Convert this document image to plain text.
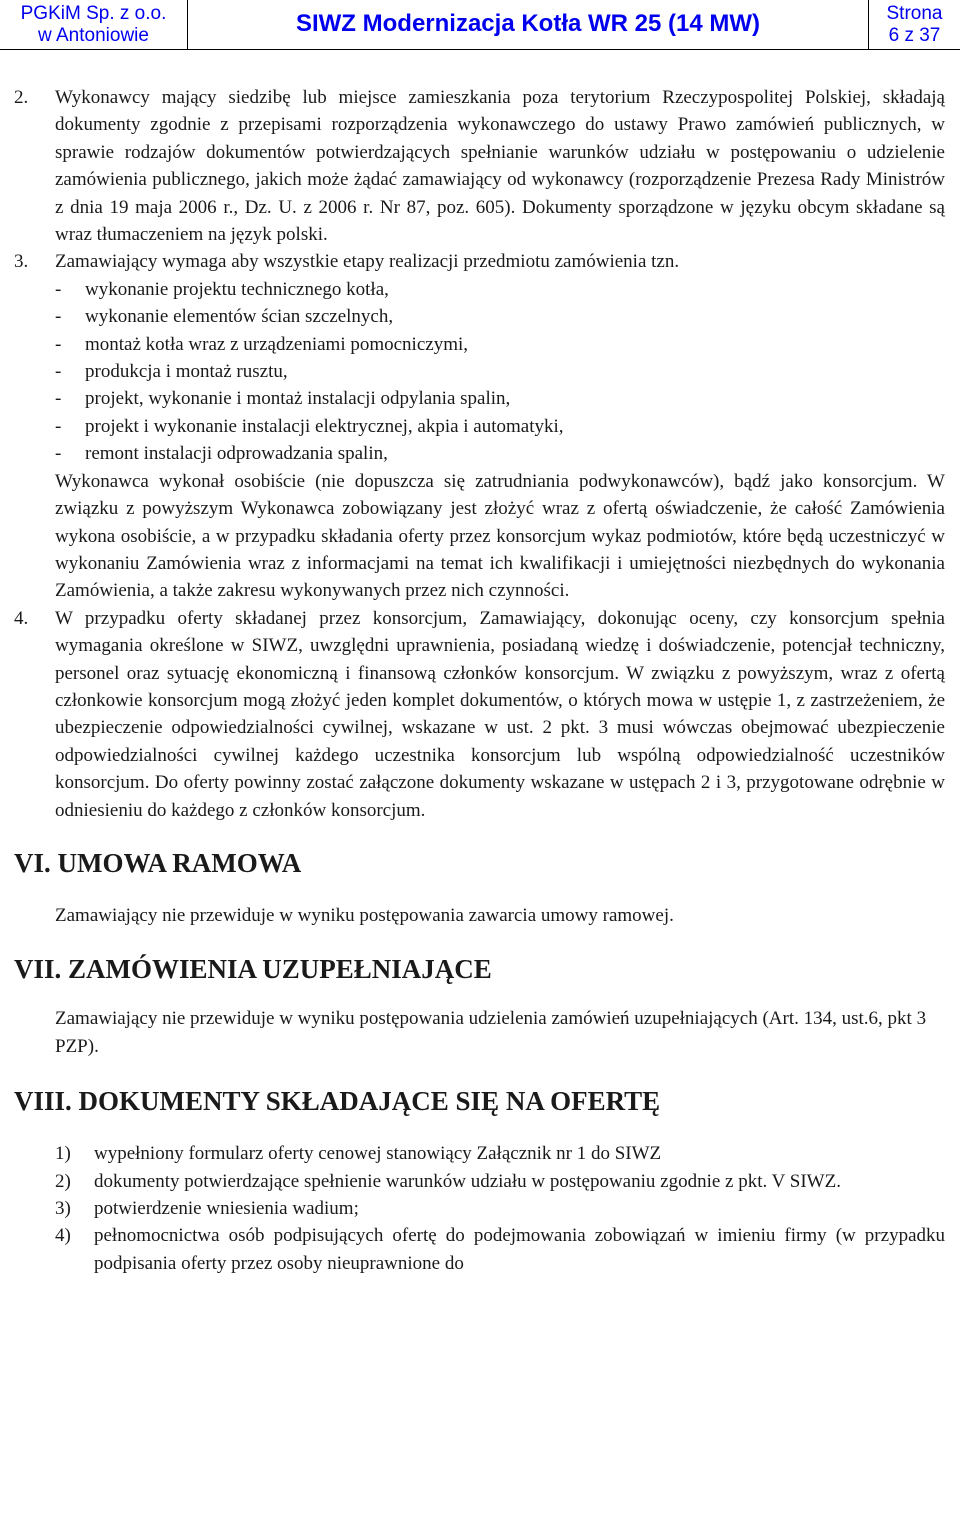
PGKiM Sp. z o.o.
w Antoniowie	SIWZ Modernizacja Kotła WR 25 (14 MW)	Strona
6 z 37
2. Wykonawcy mający siedzibę lub miejsce zamieszkania poza terytorium Rzeczypospolitej Polskiej, składają dokumenty zgodnie z przepisami rozporządzenia wykonawczego do ustawy Prawo zamówień publicznych, w sprawie rodzajów dokumentów potwierdzających spełnianie warunków udziału w postępowaniu o udzielenie zamówienia publicznego, jakich może żądać zamawiający od wykonawcy (rozporządzenie Prezesa Rady Ministrów z dnia 19 maja 2006 r., Dz. U. z 2006 r. Nr 87, poz. 605). Dokumenty sporządzone w języku obcym składane są wraz tłumaczeniem na język polski.

3. Zamawiający wymaga aby wszystkie etapy realizacji przedmiotu zamówienia tzn.

- wykonanie projektu technicznego kotła,
- wykonanie elementów ścian szczelnych,
- montaż kotła wraz z urządzeniami pomocniczymi,
- produkcja i montaż rusztu,
- projekt, wykonanie i montaż instalacji odpylania spalin,
- projekt i wykonanie instalacji elektrycznej, akpia i automatyki,
- remont instalacji odprowadzania spalin,

Wykonawca wykonał osobiście (nie dopuszcza się zatrudniania podwykonawców), bądź jako konsorcjum. W związku z powyższym Wykonawca zobowiązany jest złożyć wraz z ofertą oświadczenie, że całość Zamówienia wykona osobiście, a w przypadku składania oferty przez konsorcjum wykaz podmiotów, które będą uczestniczyć w wykonaniu Zamówienia wraz z informacjami na temat ich kwalifikacji i umiejętności niezbędnych do wykonania Zamówienia, a także zakresu wykonywanych przez nich czynności.

4. W przypadku oferty składanej przez konsorcjum, Zamawiający, dokonując oceny, czy konsorcjum spełnia wymagania określone w SIWZ, uwzględni uprawnienia, posiadaną wiedzę i doświadczenie, potencjał techniczny, personel oraz sytuację ekonomiczną i finansową członków konsorcjum. W związku z powyższym, wraz z ofertą członkowie konsorcjum mogą złożyć jeden komplet dokumentów, o których mowa w ustępie 1, z zastrzeżeniem, że ubezpieczenie odpowiedzialności cywilnej, wskazane w ust. 2 pkt. 3 musi wówczas obejmować ubezpieczenie odpowiedzialności cywilnej każdego uczestnika konsorcjum lub wspólną odpowiedzialność uczestników konsorcjum. Do oferty powinny zostać załączone dokumenty wskazane w ustępach 2 i 3, przygotowane odrębnie w odniesieniu do każdego z członków konsorcjum.

VI. UMOWA RAMOWA

Zamawiający nie przewiduje w wyniku postępowania zawarcia umowy ramowej.

VII. ZAMÓWIENIA UZUPEŁNIAJĄCE

Zamawiający nie przewiduje w wyniku postępowania udzielenia zamówień uzupełniających (Art. 134, ust.6, pkt 3 PZP).

VIII. DOKUMENTY SKŁADAJĄCE SIĘ NA OFERTĘ
1) wypełniony formularz oferty cenowej stanowiący Załącznik nr 1 do SIWZ
2) dokumenty potwierdzające spełnienie warunków udziału w postępowaniu zgodnie z pkt. V SIWZ.
3) potwierdzenie wniesienia wadium;
4) pełnomocnictwa osób podpisujących ofertę do podejmowania zobowiązań w imieniu firmy (w przypadku podpisania oferty przez osoby nieuprawnione do
